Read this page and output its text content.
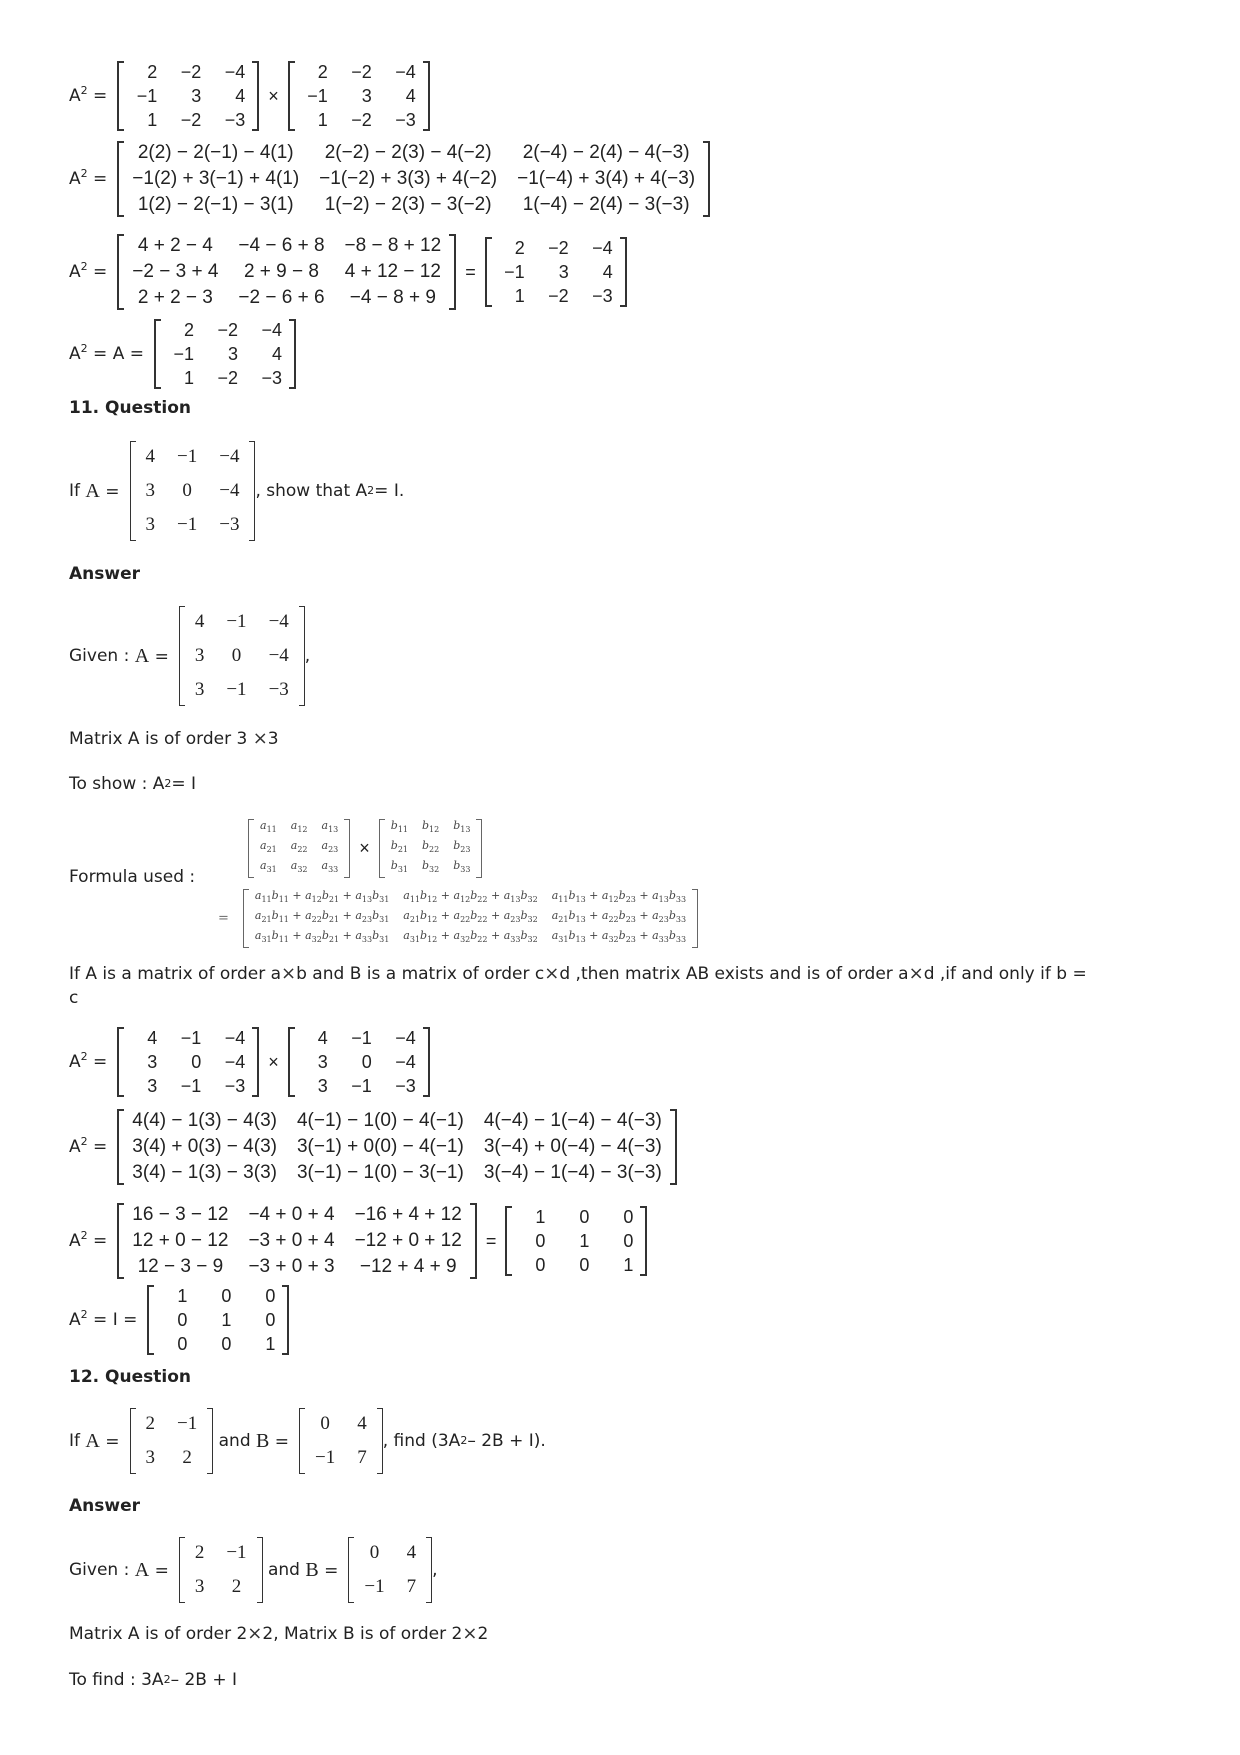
$A^2$ =
2	−2	−4
−1	3	4
1	−2	−3
×
2	−2	−4
−1	3	4
1	−2	−3
$A^2$ =
2(2) − 2(−1) − 4(1)	2(−2) − 2(3) − 4(−2)	2(−4) − 2(4) − 4(−3)
−1(2) + 3(−1) + 4(1)	−1(−2) + 3(3) + 4(−2)	−1(−4) + 3(4) + 4(−3)
1(2) − 2(−1) − 3(1)	1(−2) − 2(3) − 3(−2)	1(−4) − 2(4) − 3(−3)
$A^2$ =
4 + 2 − 4	−4 − 6 + 8	−8 − 8 + 12
−2 − 3 + 4	2 + 9 − 8	4 + 12 − 12
2 + 2 − 3	−2 − 6 + 6	−4 − 8 + 9
=
2	−2	−4
−1	3	4
1	−2	−3
$A^2 = A$ =
2	−2	−4
−1	3	4
1	−2	−3
11. Question
If
A =
4	−1	−4
3	0	−4
3	−1	−3
, show that A 2 = I.
Answer
Given :
A =
4	−1	−4
3	0	−4
3	−1	−3
,
Matrix A is of order 3
× 3
To show : A 2 = I
Formula used :
$a_{11}$	$a_{12}$	$a_{13}$
$a_{21}$	$a_{22}$	$a_{23}$
$a_{31}$	$a_{32}$	$a_{33}$
×
$b_{11}$	$b_{12}$	$b_{13}$
$b_{21}$	$b_{22}$	$b_{23}$
$b_{31}$	$b_{32}$	$b_{33}$
=
$a_{11}b_{11} + a_{12}b_{21} + a_{13}b_{31}$	$a_{11}b_{12} + a_{12}b_{22} + a_{13}b_{32}$	$a_{11}b_{13} + a_{12}b_{23} + a_{13}b_{33}$
$a_{21}b_{11} + a_{22}b_{21} + a_{23}b_{31}$	$a_{21}b_{12} + a_{22}b_{22} + a_{23}b_{32}$	$a_{21}b_{13} + a_{22}b_{23} + a_{23}b_{33}$
$a_{31}b_{11} + a_{32}b_{21} + a_{33}b_{31}$	$a_{31}b_{12} + a_{32}b_{22} + a_{33}b_{32}$	$a_{31}b_{13} + a_{32}b_{23} + a_{33}b_{33}$
If A is a matrix of order a × b and B is a matrix of order c × d ,then matrix AB exists and is of order a × d ,if and only if b =
c
$A^2$ =
4	−1	−4
3	0	−4
3	−1	−3
×
4	−1	−4
3	0	−4
3	−1	−3
$A^2$ =
4(4) − 1(3) − 4(3)	4(−1) − 1(0) − 4(−1)	4(−4) − 1(−4) − 4(−3)
3(4) + 0(3) − 4(3)	3(−1) + 0(0) − 4(−1)	3(−4) + 0(−4) − 4(−3)
3(4) − 1(3) − 3(3)	3(−1) − 1(0) − 3(−1)	3(−4) − 1(−4) − 3(−3)
$A^2$ =
16 − 3 − 12	−4 + 0 + 4	−16 + 4 + 12
12 + 0 − 12	−3 + 0 + 4	−12 + 0 + 12
12 − 3 − 9	−3 + 0 + 3	−12 + 4 + 9
=
1	0	0
0	1	0
0	0	1
$A^2 = I$ =
1	0	0
0	1	0
0	0	1
12. Question
If
A =
2	−1
3	2

and
B =
0	4
−1	7
, find (3A 2 – 2B + I).
Answer
Given :
A =
2	−1
3	2

and
B =
0	4
−1	7
,
Matrix A is of order 2 × 2, Matrix B is of order 2 × 2
To find : 3A 2 – 2B + I
